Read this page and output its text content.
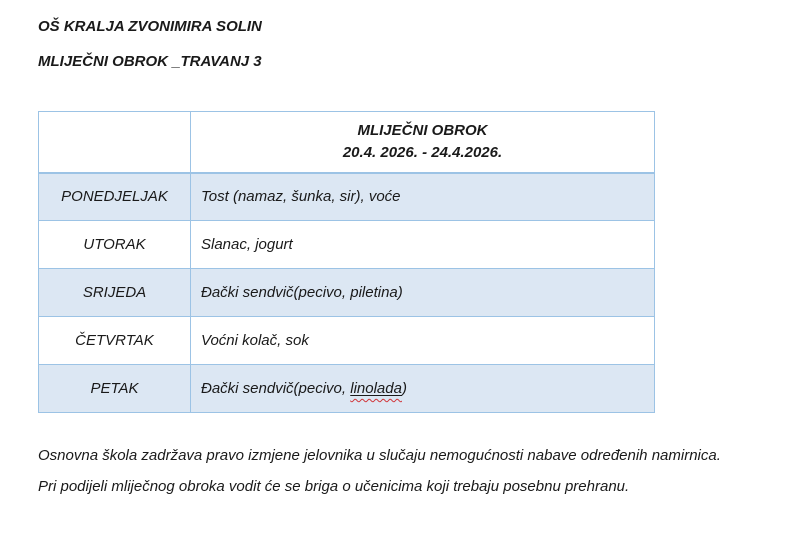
OŠ KRALJA ZVONIMIRA SOLIN

MLIJEČNI OBROK _TRAVANJ 3

	MLIJEČNI OBROK
20.4. 2026. - 24.4.2026.

PONEDJELJAK	Tost (namaz, šunka, sir), voće
UTORAK	Slanac, jogurt
SRIJEDA	Đački sendvič(pecivo, piletina)
ČETVRTAK	Voćni kolač, sok
PETAK	Đački sendvič(pecivo, linolada)

Osnovna škola zadržava pravo izmjene jelovnika u slučaju nemogućnosti nabave određenih namirnica.

Pri podijeli mliječnog obroka vodit će se briga o učenicima koji trebaju posebnu prehranu.
